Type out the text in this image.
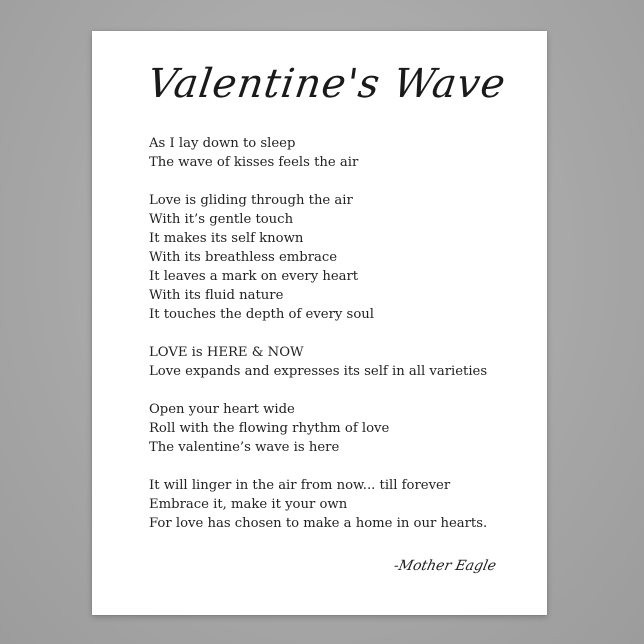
Valentine's Wave
As I lay down to sleep
The wave of kisses feels the air
Love is gliding through the air
With it’s gentle touch
It makes its self known
With its breathless embrace
It leaves a mark on every heart
With its fluid nature
It touches the depth of every soul
LOVE is HERE & NOW
Love expands and expresses its self in all varieties
Open your heart wide
Roll with the flowing rhythm of love
The valentine’s wave is here
It will linger in the air from now... till forever
Embrace it, make it your own
For love has chosen to make a home in our hearts.
-Mother Eagle
